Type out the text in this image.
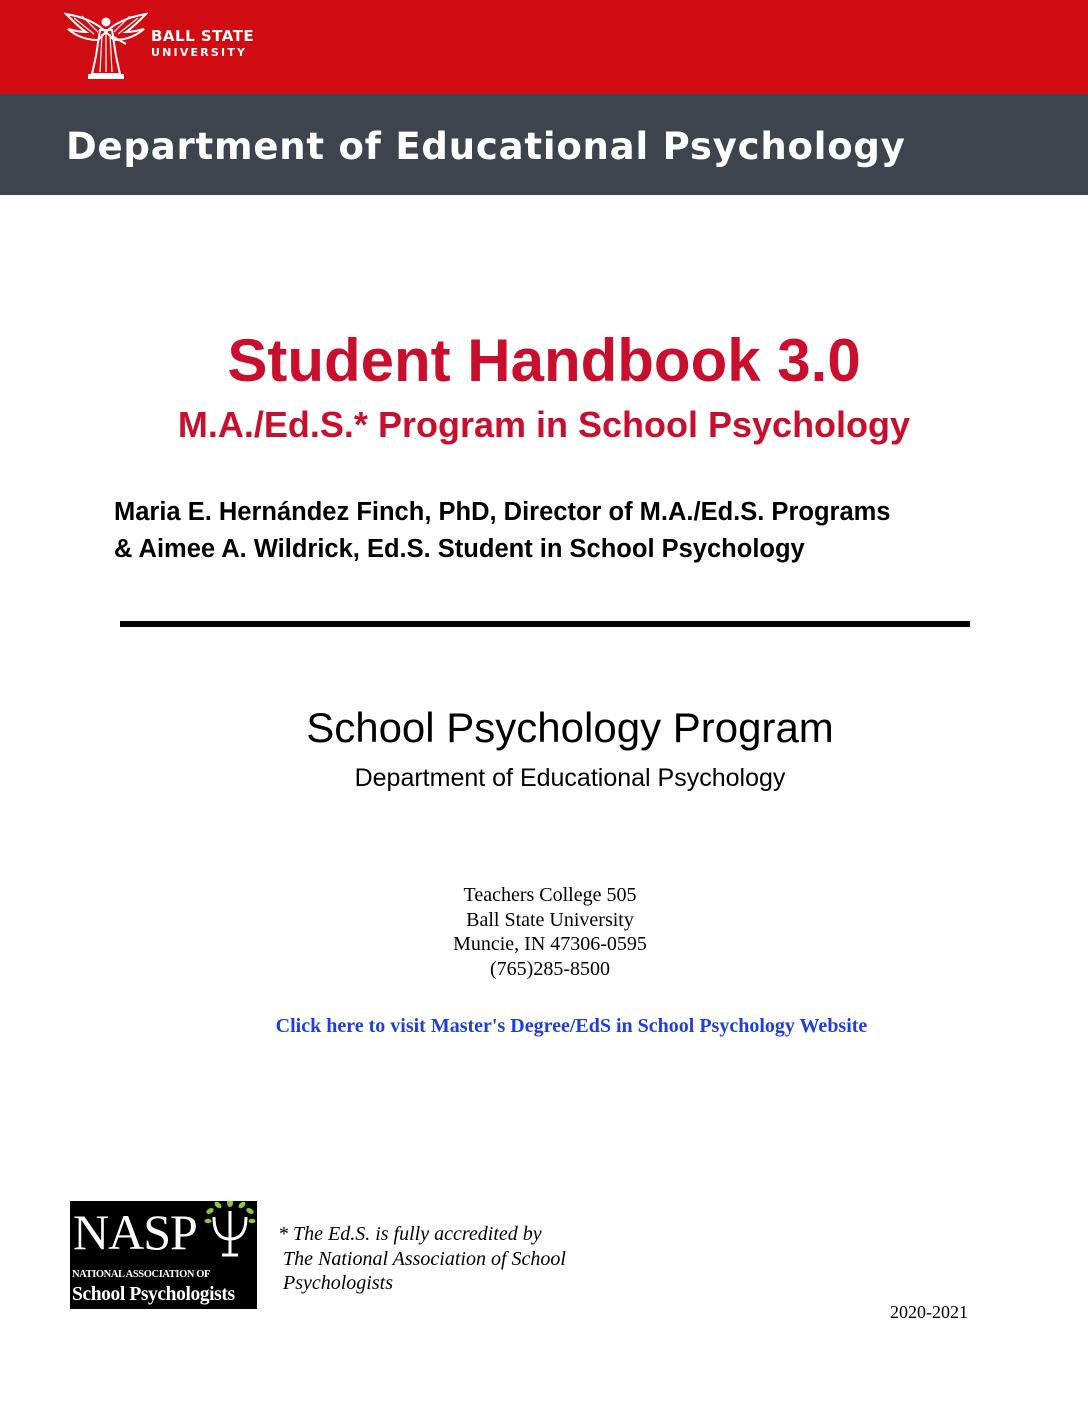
BALL STATE
UNIVERSITY
Department of Educational Psychology
Student Handbook 3.0
M.A./Ed.S.* Program in School Psychology
Maria E. Hernández Finch, PhD, Director of M.A./Ed.S. Programs
& Aimee A. Wildrick, Ed.S. Student in School Psychology
School Psychology Program
Department of Educational Psychology
Teachers College 505
Ball State University
Muncie, IN 47306-0595
(765)285-8500
Click here to visit Master's Degree/EdS in School Psychology Website
NASP
NATIONAL ASSOCIATION OF
School Psychologists
* The Ed.S. is fully accredited by
The National Association of School
Psychologists
2020-2021
